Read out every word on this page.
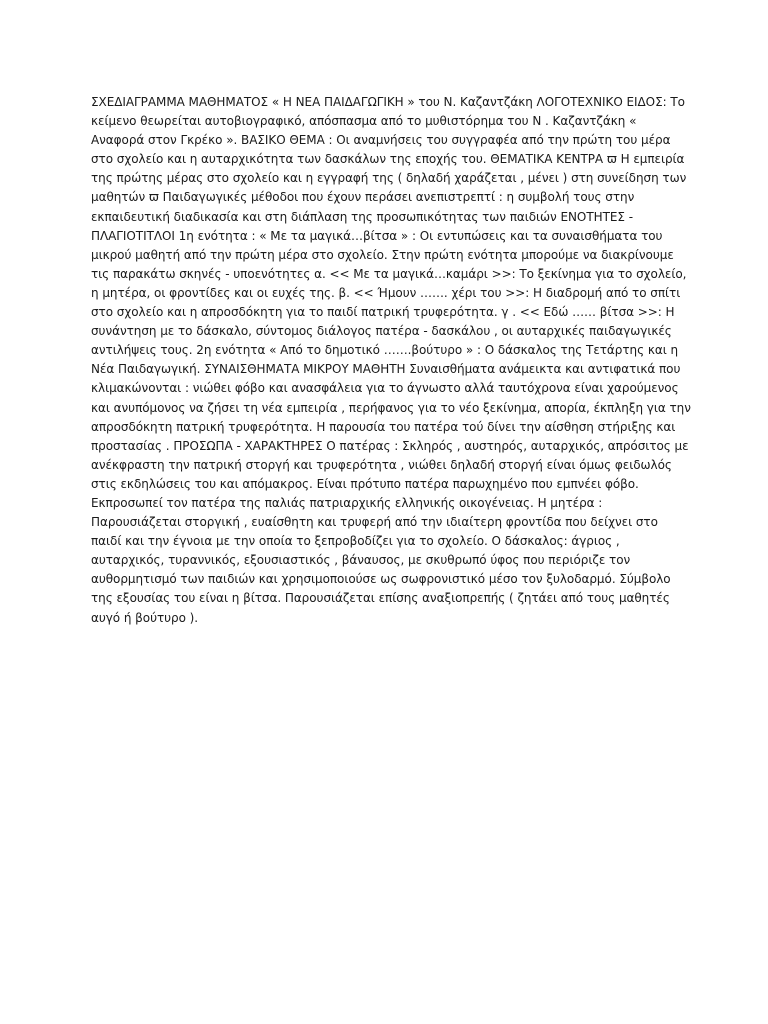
ΣΧΕΔΙΑΓΡΑΜΜΑ ΜΑΘΗΜΑΤΟΣ « Η ΝΕΑ ΠΑΙΔΑΓΩΓΙΚΗ » του Ν. Καζαντζάκη ΛΟΓΟΤΕΧΝΙΚΟ ΕΙΔΟΣ: Το κείμενο θεωρείται αυτοβιογραφικό, απόσπασμα από το μυθιστόρημα του Ν . Καζαντζάκη « Αναφορά στον Γκρέκο ». ΒΑΣΙΚΟ ΘΕΜΑ : Οι αναμνήσεις του συγγραφέα από την πρώτη του μέρα στο σχολείο και η αυταρχικότητα των δασκάλων της εποχής του. ΘΕΜΑΤΙΚΑ ΚΕΝΤΡΑ ϖ Η εμπειρία της πρώτης μέρας στο σχολείο και η εγγραφή της ( δηλαδή χαράζεται , μένει ) στη συνείδηση των μαθητών ϖ Παιδαγωγικές μέθοδοι που έχουν περάσει ανεπιστρεπτί : η συμβολή τους στην εκπαιδευτική διαδικασία και στη διάπλαση της προσωπικότητας των παιδιών ΕΝΟΤΗΤΕΣ - ΠΛΑΓΙΟΤΙΤΛΟΙ 1η ενότητα : « Με τα μαγικά…βίτσα » : Οι εντυπώσεις και τα συναισθήματα του μικρού μαθητή από την πρώτη μέρα στο σχολείο. Στην πρώτη ενότητα μπορούμε να διακρίνουμε τις παρακάτω σκηνές - υποενότητες α. << Με τα μαγικά…καμάρι >>: Το ξεκίνημα για το σχολείο, η μητέρα, οι φροντίδες και οι ευχές της. β. << Ήμουν ……. χέρι του >>: Η διαδρομή από το σπίτι στο σχολείο και η απροσδόκητη για το παιδί πατρική τρυφερότητα. γ . << Εδώ …… βίτσα >>: Η συνάντηση με το δάσκαλο, σύντομος διάλογος πατέρα - δασκάλου , οι αυταρχικές παιδαγωγικές αντιλήψεις τους. 2η ενότητα « Από το δημοτικό …….βούτυρο » : Ο δάσκαλος της Τετάρτης και η Νέα Παιδαγωγική. ΣΥΝΑΙΣΘΗΜΑΤΑ ΜΙΚΡΟΥ ΜΑΘΗΤΗ Συναισθήματα ανάμεικτα και αντιφατικά που κλιμακώνονται : νιώθει φόβο και ανασφάλεια για το άγνωστο αλλά ταυτόχρονα είναι χαρούμενος και ανυπόμονος να ζήσει τη νέα εμπειρία , περήφανος για το νέο ξεκίνημα, απορία, έκπληξη για την απροσδόκητη πατρική τρυφερότητα. Η παρουσία του πατέρα τού δίνει την αίσθηση στήριξης και προστασίας . ΠΡΟΣΩΠΑ - ΧΑΡΑΚΤΗΡΕΣ Ο πατέρας : Σκληρός , αυστηρός, αυταρχικός, απρόσιτος με ανέκφραστη την πατρική στοργή και τρυφερότητα , νιώθει δηλαδή στοργή είναι όμως φειδωλός στις εκδηλώσεις του και απόμακρος. Είναι πρότυπο πατέρα παρωχημένο που εμπνέει φόβο. Εκπροσωπεί τον πατέρα της παλιάς πατριαρχικής ελληνικής οικογένειας. Η μητέρα : Παρουσιάζεται στοργική , ευαίσθητη και τρυφερή από την ιδιαίτερη φροντίδα που δείχνει στο παιδί και την έγνοια με την οποία το ξεπροβοδίζει για το σχολείο. Ο δάσκαλος: άγριος , αυταρχικός, τυραννικός, εξουσιαστικός , βάναυσος, με σκυθρωπό ύφος που περιόριζε τον αυθορμητισμό των παιδιών και χρησιμοποιούσε ως σωφρονιστικό μέσο τον ξυλοδαρμό. Σύμβολο της εξουσίας του είναι η βίτσα. Παρουσιάζεται επίσης αναξιοπρεπής ( ζητάει από τους μαθητές αυγό ή βούτυρο ).
